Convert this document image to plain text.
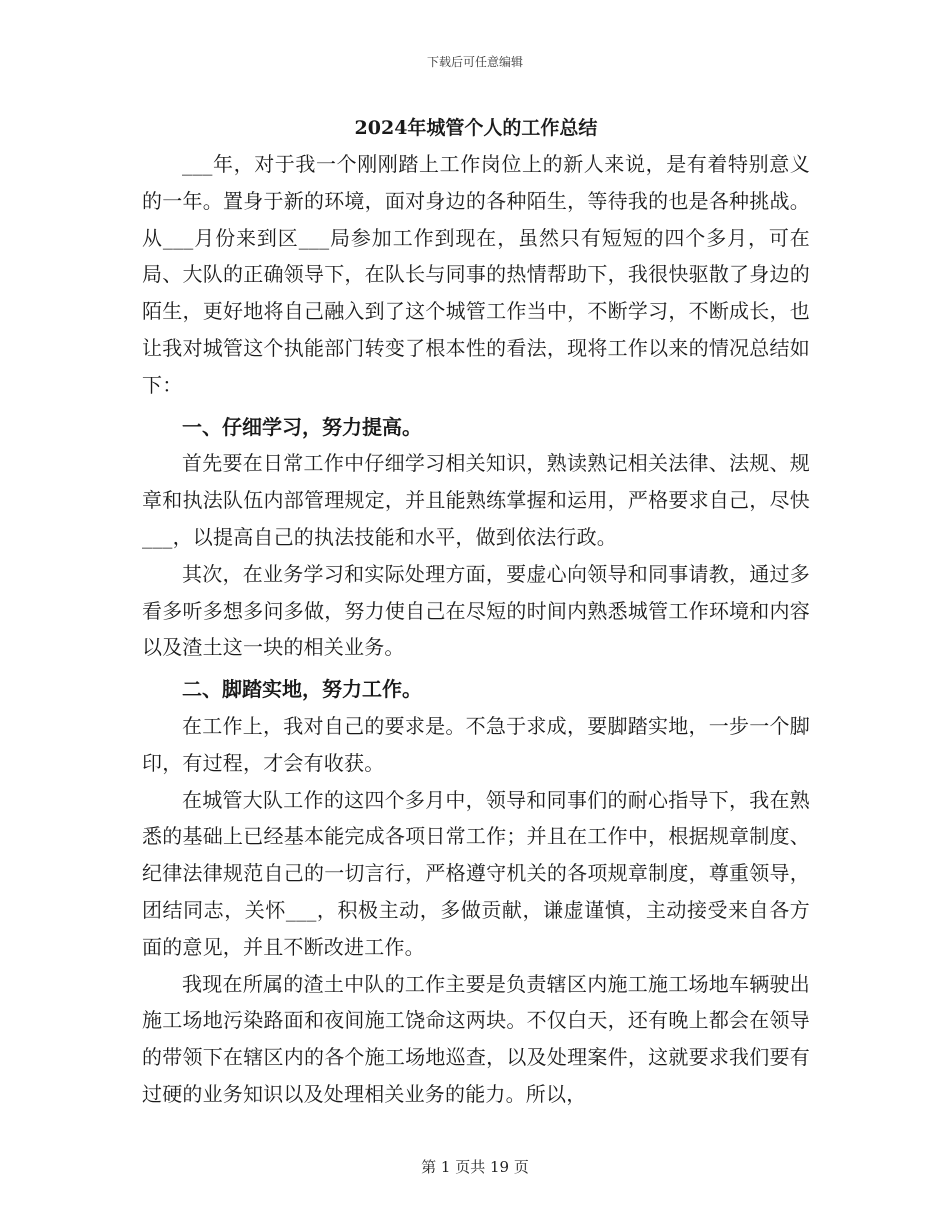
下载后可任意编辑
2024年城管个人的工作总结

___年，对于我一个刚刚踏上工作岗位上的新人来说，是有着特别意义的一年。置身于新的环境，面对身边的各种陌生，等待我的也是各种挑战。从___月份来到区___局参加工作到现在，虽然只有短短的四个多月，可在局、大队的正确领导下，在队长与同事的热情帮助下，我很快驱散了身边的陌生，更好地将自己融入到了这个城管工作当中，不断学习，不断成长，也让我对城管这个执能部门转变了根本性的看法，现将工作以来的情况总结如下：

一、仔细学习，努力提高。

首先要在日常工作中仔细学习相关知识，熟读熟记相关法律、法规、规章和执法队伍内部管理规定，并且能熟练掌握和运用，严格要求自己，尽快___，以提高自己的执法技能和水平，做到依法行政。

其次，在业务学习和实际处理方面，要虚心向领导和同事请教，通过多看多听多想多问多做，努力使自己在尽短的时间内熟悉城管工作环境和内容以及渣土这一块的相关业务。

二、脚踏实地，努力工作。

在工作上，我对自己的要求是。不急于求成，要脚踏实地，一步一个脚印，有过程，才会有收获。

在城管大队工作的这四个多月中，领导和同事们的耐心指导下，我在熟悉的基础上已经基本能完成各项日常工作；并且在工作中，根据规章制度、纪律法律规范自己的一切言行，严格遵守机关的各项规章制度，尊重领导，团结同志，关怀___，积极主动，多做贡献，谦虚谨慎，主动接受来自各方面的意见，并且不断改进工作。

我现在所属的渣土中队的工作主要是负责辖区内施工施工场地车辆驶出施工场地污染路面和夜间施工饶命这两块。不仅白天，还有晚上都会在领导的带领下在辖区内的各个施工场地巡查，以及处理案件，这就要求我们要有过硬的业务知识以及处理相关业务的能力。所以，

第 1 页共 19 页
